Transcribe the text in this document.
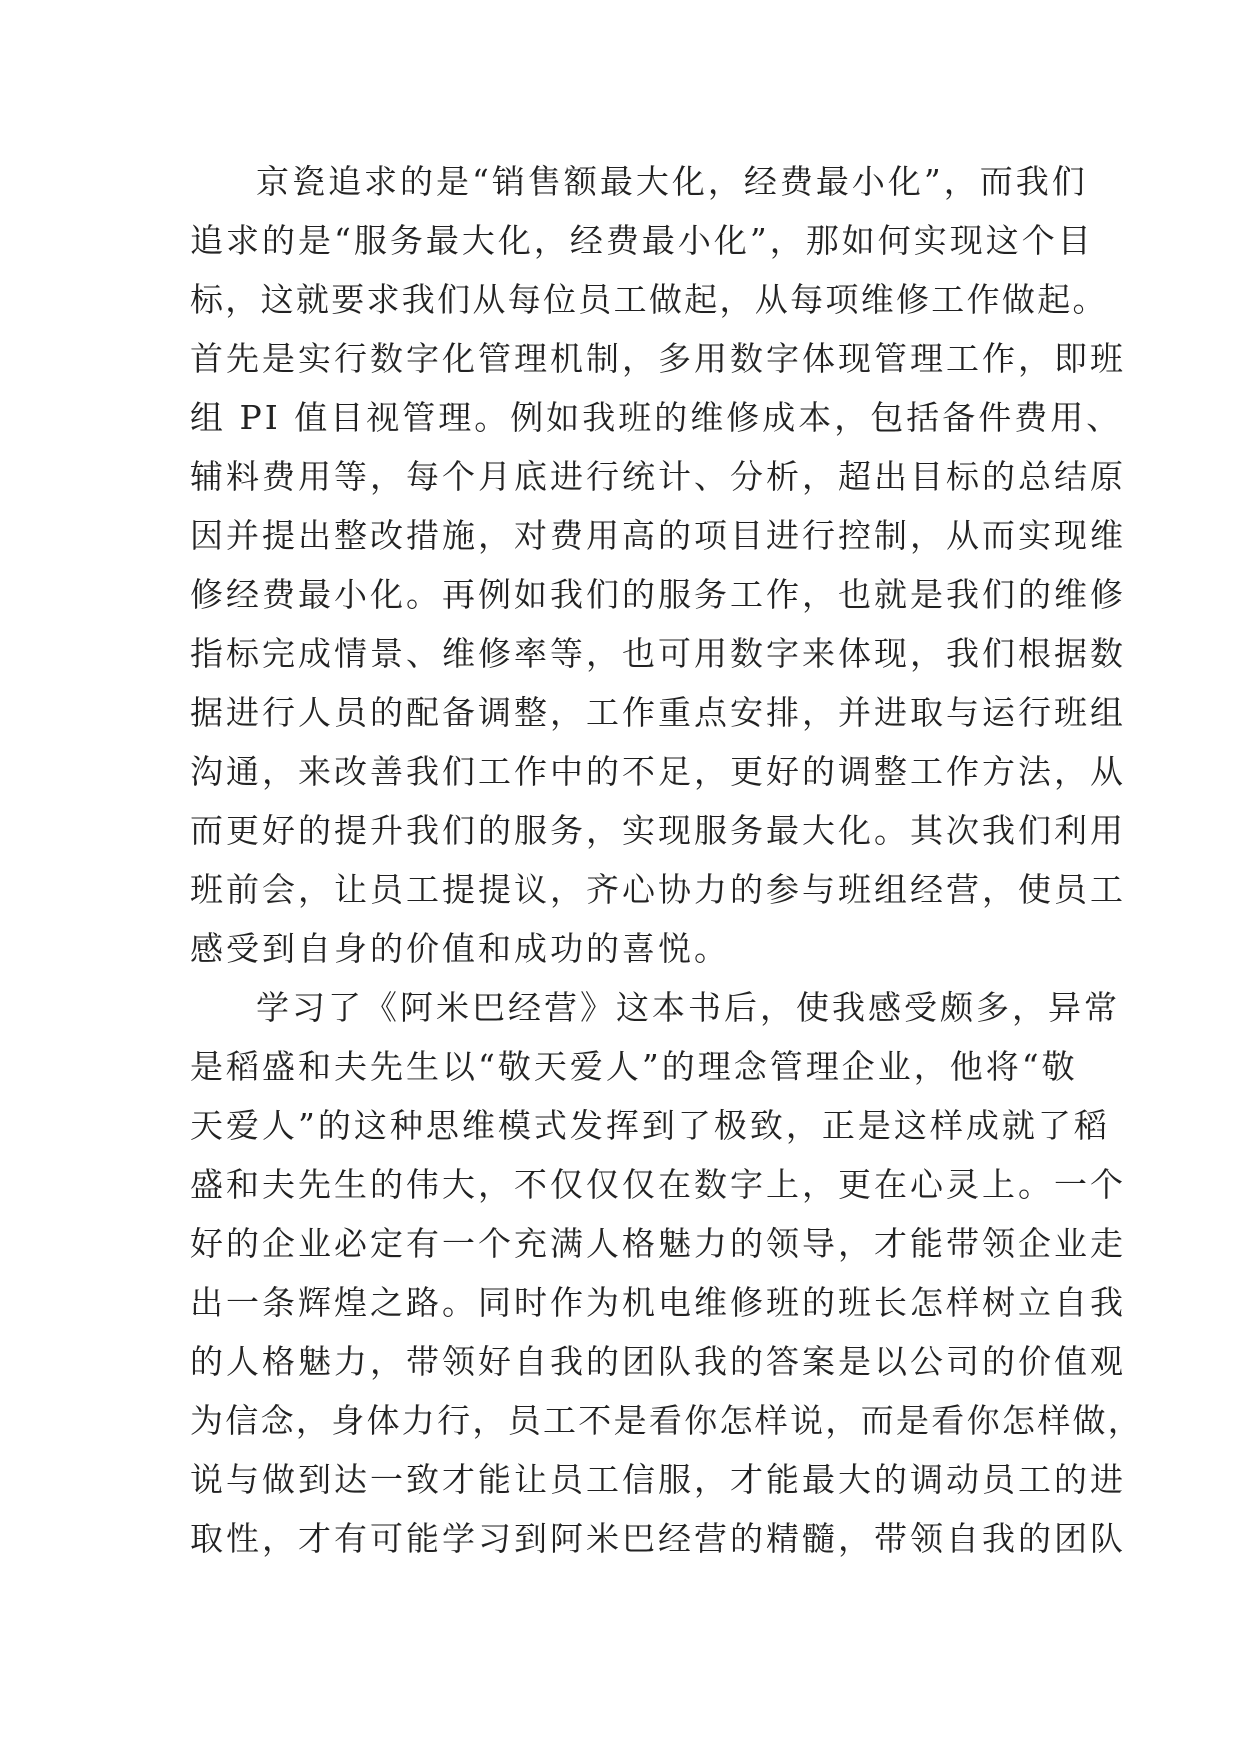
京瓷追求的是“销售额最大化，经费最小化”，而我们
追求的是“服务最大化，经费最小化”，那如何实现这个目
标，这就要求我们从每位员工做起，从每项维修工作做起。
首先是实行数字化管理机制，多用数字体现管理工作，即班
组 PI 值目视管理。例如我班的维修成本，包括备件费用、
辅料费用等，每个月底进行统计、分析，超出目标的总结原
因并提出整改措施，对费用高的项目进行控制，从而实现维
修经费最小化。再例如我们的服务工作，也就是我们的维修
指标完成情景、维修率等，也可用数字来体现，我们根据数
据进行人员的配备调整，工作重点安排，并进取与运行班组
沟通，来改善我们工作中的不足，更好的调整工作方法，从
而更好的提升我们的服务，实现服务最大化。其次我们利用
班前会，让员工提提议，齐心协力的参与班组经营，使员工
感受到自身的价值和成功的喜悦。
学习了《阿米巴经营》这本书后，使我感受颇多，异常
是稻盛和夫先生以“敬天爱人”的理念管理企业，他将“敬
天爱人”的这种思维模式发挥到了极致，正是这样成就了稻
盛和夫先生的伟大，不仅仅仅在数字上，更在心灵上。一个
好的企业必定有一个充满人格魅力的领导，才能带领企业走
出一条辉煌之路。同时作为机电维修班的班长怎样树立自我
的人格魅力，带领好自我的团队我的答案是以公司的价值观
为信念，身体力行，员工不是看你怎样说，而是看你怎样做，
说与做到达一致才能让员工信服，才能最大的调动员工的进
取性，才有可能学习到阿米巴经营的精髓，带领自我的团队
